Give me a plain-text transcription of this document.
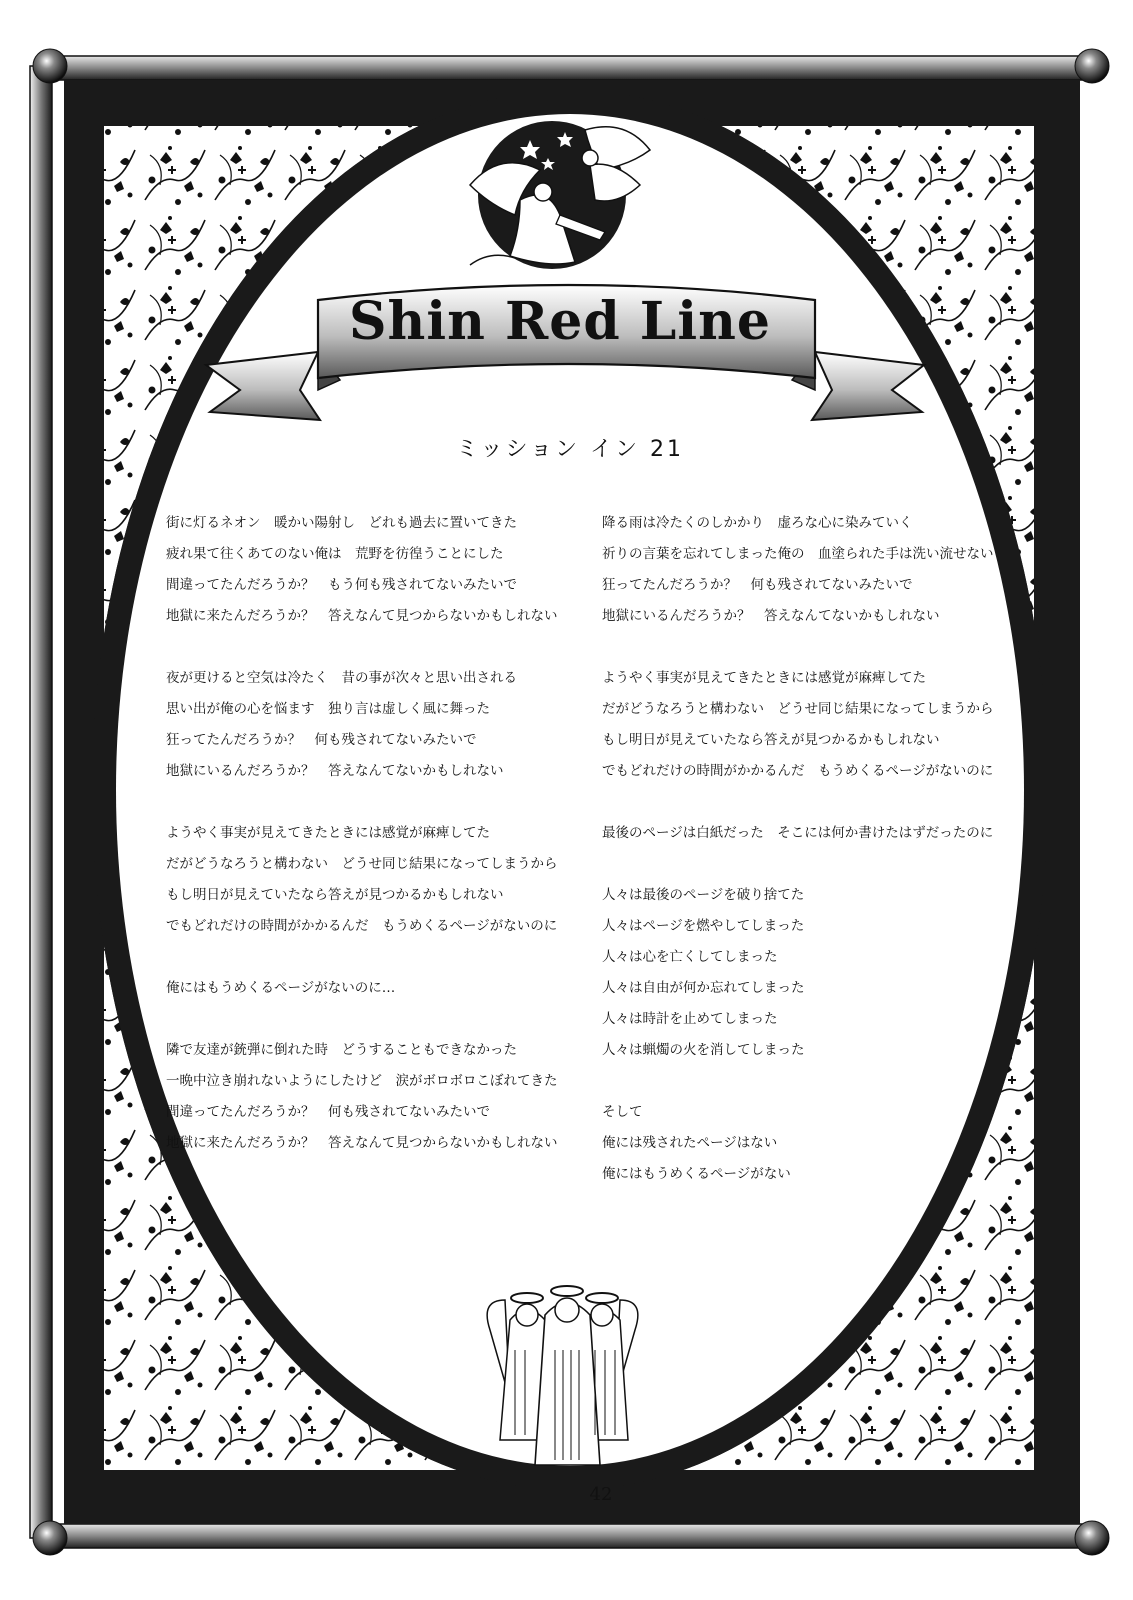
Shin Red Line
ミッション イン 21
街に灯るネオン　暖かい陽射し　どれも過去に置いてきた
疲れ果て往くあてのない俺は　荒野を彷徨うことにした
間違ってたんだろうか？　もう何も残されてないみたいで
地獄に来たんだろうか？　答えなんて見つからないかもしれない
夜が更けると空気は冷たく　昔の事が次々と思い出される
思い出が俺の心を悩ます　独り言は虚しく風に舞った
狂ってたんだろうか？　何も残されてないみたいで
地獄にいるんだろうか？　答えなんてないかもしれない
ようやく事実が見えてきたときには感覚が麻痺してた
だがどうなろうと構わない　どうせ同じ結果になってしまうから
もし明日が見えていたなら答えが見つかるかもしれない
でもどれだけの時間がかかるんだ　もうめくるページがないのに
俺にはもうめくるページがないのに…
隣で友達が銃弾に倒れた時　どうすることもできなかった
一晩中泣き崩れないようにしたけど　涙がボロボロこぼれてきた
間違ってたんだろうか？　何も残されてないみたいで
地獄に来たんだろうか？　答えなんて見つからないかもしれない
降る雨は冷たくのしかかり　虚ろな心に染みていく
祈りの言葉を忘れてしまった俺の　血塗られた手は洗い流せない
狂ってたんだろうか？　何も残されてないみたいで
地獄にいるんだろうか？　答えなんてないかもしれない
ようやく事実が見えてきたときには感覚が麻痺してた
だがどうなろうと構わない　どうせ同じ結果になってしまうから
もし明日が見えていたなら答えが見つかるかもしれない
でもどれだけの時間がかかるんだ　もうめくるページがないのに
最後のページは白紙だった　そこには何か書けたはずだったのに
人々は最後のページを破り捨てた
人々はページを燃やしてしまった
人々は心を亡くしてしまった
人々は自由が何か忘れてしまった
人々は時計を止めてしまった
人々は蝋燭の火を消してしまった
そして
俺には残されたページはない
俺にはもうめくるページがない
42
